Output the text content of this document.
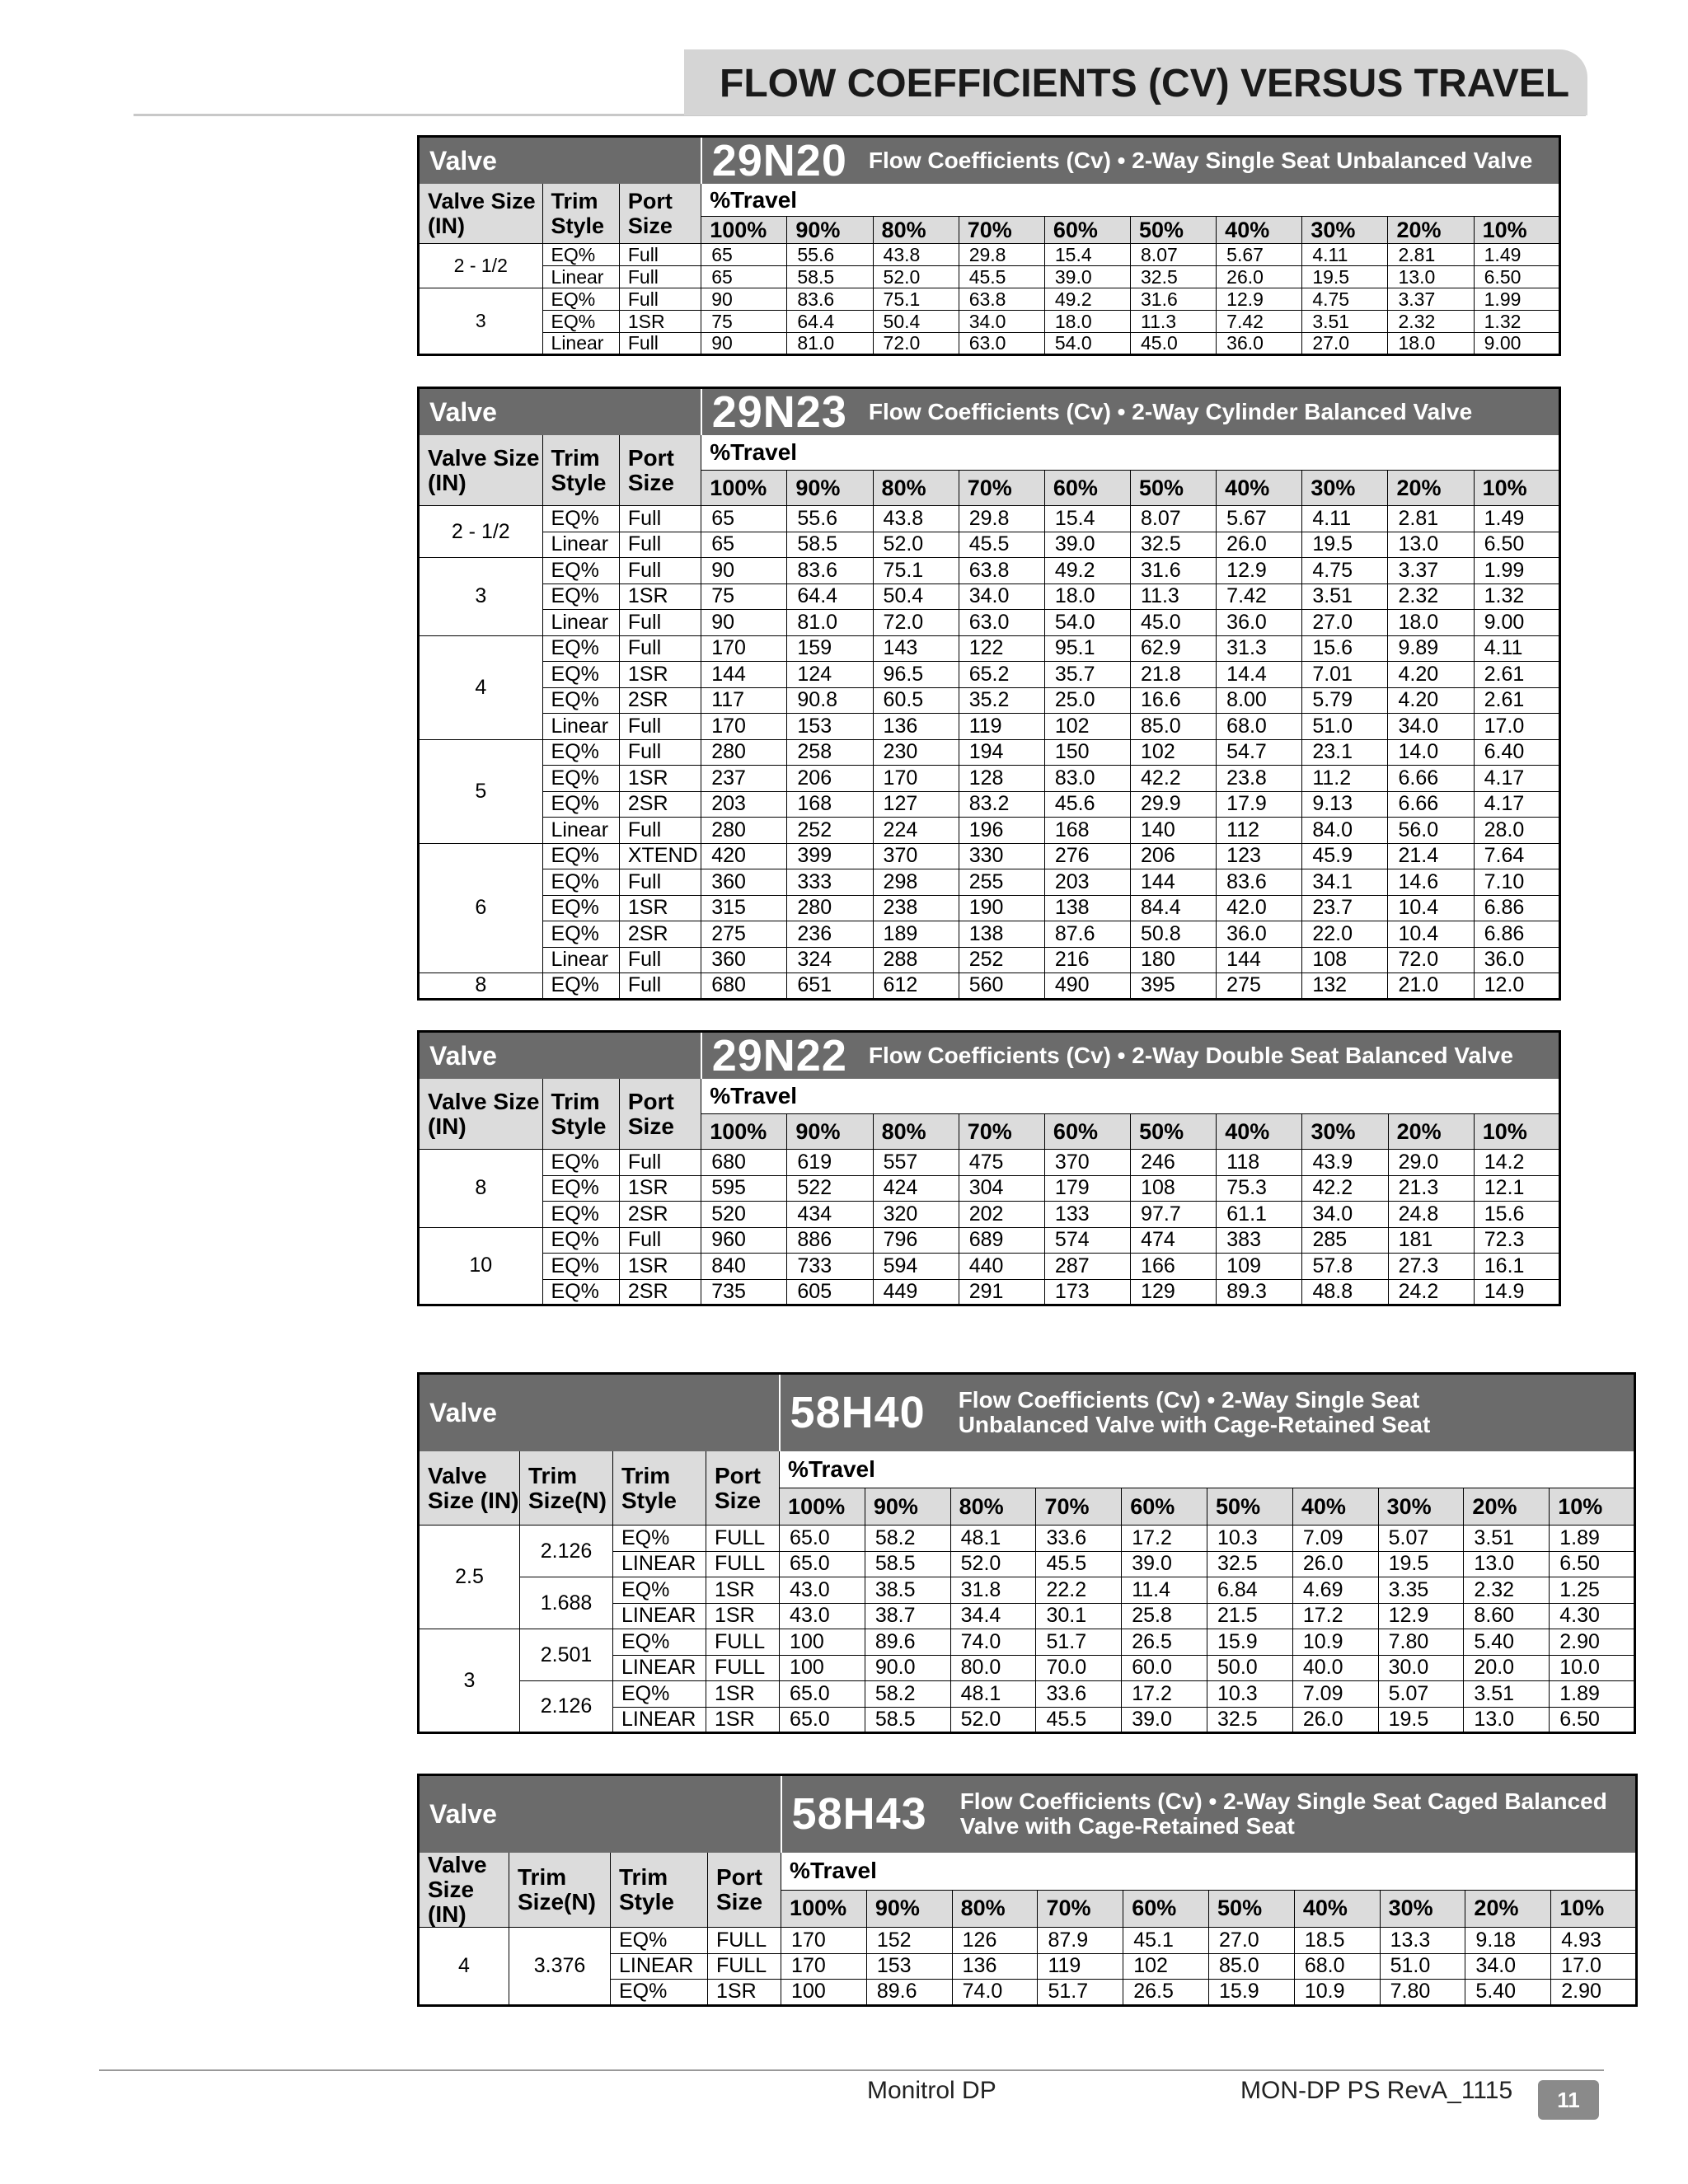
FLOW COEFFICIENTS (CV) VERSUS TRAVEL
Valve			29N20 Flow Coefficients (Cv) • 2-Way Single Seat Unbalanced Valve									
Valve Size (IN)	Trim Style	Port Size	%Travel									
			100%	90%	80%	70%	60%	50%	40%	30%	20%	10%
2 - 1/2	EQ%	Full	65	55.6	43.8	29.8	15.4	8.07	5.67	4.11	2.81	1.49
	Linear	Full	65	58.5	52.0	45.5	39.0	32.5	26.0	19.5	13.0	6.50
3	EQ%	Full	90	83.6	75.1	63.8	49.2	31.6	12.9	4.75	3.37	1.99
	EQ%	1SR	75	64.4	50.4	34.0	18.0	11.3	7.42	3.51	2.32	1.32
	Linear	Full	90	81.0	72.0	63.0	54.0	45.0	36.0	27.0	18.0	9.00
Valve			29N23 Flow Coefficients (Cv) • 2-Way Cylinder Balanced Valve									
Valve Size (IN)	Trim Style	Port Size	%Travel									
			100%	90%	80%	70%	60%	50%	40%	30%	20%	10%
2 - 1/2	EQ%	Full	65	55.6	43.8	29.8	15.4	8.07	5.67	4.11	2.81	1.49
	Linear	Full	65	58.5	52.0	45.5	39.0	32.5	26.0	19.5	13.0	6.50
3	EQ%	Full	90	83.6	75.1	63.8	49.2	31.6	12.9	4.75	3.37	1.99
	EQ%	1SR	75	64.4	50.4	34.0	18.0	11.3	7.42	3.51	2.32	1.32
	Linear	Full	90	81.0	72.0	63.0	54.0	45.0	36.0	27.0	18.0	9.00
4	EQ%	Full	170	159	143	122	95.1	62.9	31.3	15.6	9.89	4.11
	EQ%	1SR	144	124	96.5	65.2	35.7	21.8	14.4	7.01	4.20	2.61
	EQ%	2SR	117	90.8	60.5	35.2	25.0	16.6	8.00	5.79	4.20	2.61
	Linear	Full	170	153	136	119	102	85.0	68.0	51.0	34.0	17.0
5	EQ%	Full	280	258	230	194	150	102	54.7	23.1	14.0	6.40
	EQ%	1SR	237	206	170	128	83.0	42.2	23.8	11.2	6.66	4.17
	EQ%	2SR	203	168	127	83.2	45.6	29.9	17.9	9.13	6.66	4.17
	Linear	Full	280	252	224	196	168	140	112	84.0	56.0	28.0
6	EQ%	XTEND	420	399	370	330	276	206	123	45.9	21.4	7.64
	EQ%	Full	360	333	298	255	203	144	83.6	34.1	14.6	7.10
	EQ%	1SR	315	280	238	190	138	84.4	42.0	23.7	10.4	6.86
	EQ%	2SR	275	236	189	138	87.6	50.8	36.0	22.0	10.4	6.86
	Linear	Full	360	324	288	252	216	180	144	108	72.0	36.0
8	EQ%	Full	680	651	612	560	490	395	275	132	21.0	12.0
Valve			29N22 Flow Coefficients (Cv) • 2-Way Double Seat Balanced Valve									
Valve Size (IN)	Trim Style	Port Size	%Travel									
			100%	90%	80%	70%	60%	50%	40%	30%	20%	10%
8	EQ%	Full	680	619	557	475	370	246	118	43.9	29.0	14.2
	EQ%	1SR	595	522	424	304	179	108	75.3	42.2	21.3	12.1
	EQ%	2SR	520	434	320	202	133	97.7	61.1	34.0	24.8	15.6
10	EQ%	Full	960	886	796	689	574	474	383	285	181	72.3
	EQ%	1SR	840	733	594	440	287	166	109	57.8	27.3	16.1
	EQ%	2SR	735	605	449	291	173	129	89.3	48.8	24.2	14.9
Valve				58H40 Flow Coefficients (Cv) • 2-Way Single Seat
Unbalanced Valve with Cage-Retained Seat									

Valve Size (IN)	Trim Size(N)	Trim Style	Port Size	%Travel									
				100%	90%	80%	70%	60%	50%	40%	30%	20%	10%
2.5	2.126	EQ%	FULL	65.0	58.2	48.1	33.6	17.2	10.3	7.09	5.07	3.51	1.89
		LINEAR	FULL	65.0	58.5	52.0	45.5	39.0	32.5	26.0	19.5	13.0	6.50
	1.688	EQ%	1SR	43.0	38.5	31.8	22.2	11.4	6.84	4.69	3.35	2.32	1.25
		LINEAR	1SR	43.0	38.7	34.4	30.1	25.8	21.5	17.2	12.9	8.60	4.30
3	2.501	EQ%	FULL	100	89.6	74.0	51.7	26.5	15.9	10.9	7.80	5.40	2.90
		LINEAR	FULL	100	90.0	80.0	70.0	60.0	50.0	40.0	30.0	20.0	10.0
	2.126	EQ%	1SR	65.0	58.2	48.1	33.6	17.2	10.3	7.09	5.07	3.51	1.89
		LINEAR	1SR	65.0	58.5	52.0	45.5	39.0	32.5	26.0	19.5	13.0	6.50
Valve				58H43 Flow Coefficients (Cv) • 2-Way Single Seat Caged Balanced
Valve with Cage-Retained Seat									

Valve Size (IN)	Trim Size(N)	Trim Style	Port Size	%Travel									
				100%	90%	80%	70%	60%	50%	40%	30%	20%	10%
4	3.376	EQ%	FULL	170	152	126	87.9	45.1	27.0	18.5	13.3	9.18	4.93
		LINEAR	FULL	170	153	136	119	102	85.0	68.0	51.0	34.0	17.0
		EQ%	1SR	100	89.6	74.0	51.7	26.5	15.9	10.9	7.80	5.40	2.90
Monitrol DP	MON-DP PS RevA_1115	11
